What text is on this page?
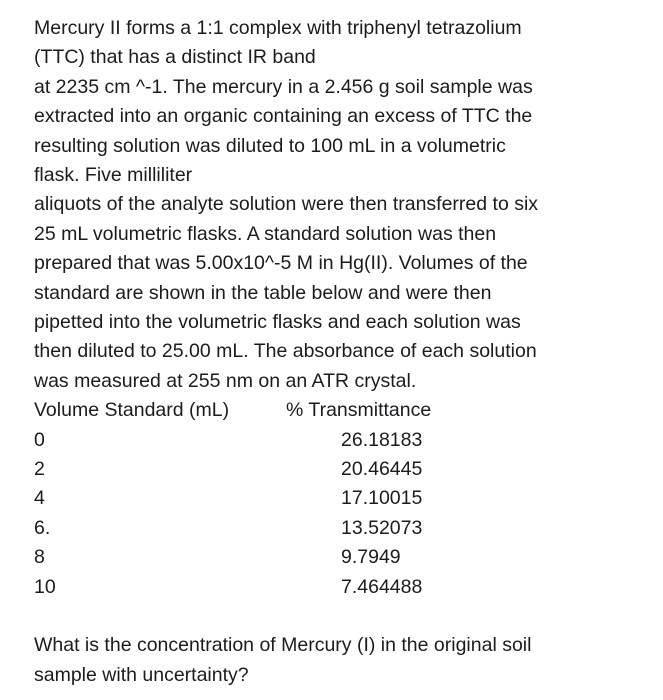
Mercury II forms a 1:1 complex with triphenyl tetrazolium
(TTC) that has a distinct IR band
at 2235 cm ^-1. The mercury in a 2.456 g soil sample was
extracted into an organic containing an excess of TTC the
resulting solution was diluted to 100 mL in a volumetric
flask. Five milliliter
aliquots of the analyte solution were then transferred to six
25 mL volumetric flasks. A standard solution was then
prepared that was 5.00x10^-5 M in Hg(II). Volumes of the
standard are shown in the table below and were then
pipetted into the volumetric flasks and each solution was
then diluted to 25.00 mL. The absorbance of each solution
was measured at 255 nm on an ATR crystal.
Volume Standard (mL)	% Transmittance
0	26.18183
2	20.46445
4	17.10015
6.	13.52073
8	9.7949
10	7.464488
What is the concentration of Mercury (I) in the original soil
sample with uncertainty?
